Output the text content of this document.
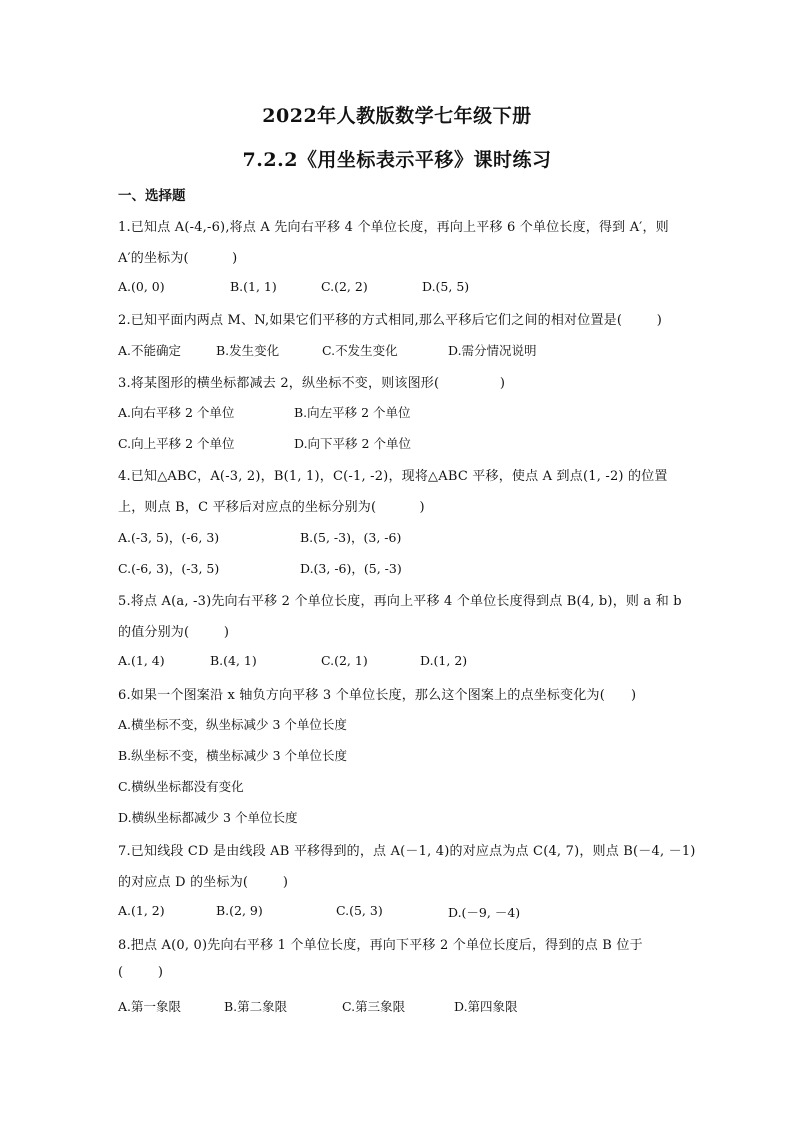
2022年人教版数学七年级下册
7.2.2《用坐标表示平移》课时练习
一、选择题
1.已知点 A(-4,-6),将点 A 先向右平移 4 个单位长度，再向上平移 6 个单位长度，得到 A′，则
A′的坐标为(          )
A.(0, 0)	B.(1, 1)	C.(2, 2)	D.(5, 5)
2.已知平面内两点 M、N,如果它们平移的方式相同,那么平移后它们之间的相对位置是(        )
A.不能确定	B.发生变化	C.不发生变化	D.需分情况说明
3.将某图形的横坐标都减去 2，纵坐标不变，则该图形(              )
A.向右平移 2 个单位	B.向左平移 2 个单位
C.向上平移 2 个单位	D.向下平移 2 个单位
4.已知△ABC，A(-3, 2)，B(1, 1)，C(-1, -2)，现将△ABC 平移，使点 A 到点(1, -2) 的位置
上，则点 B，C 平移后对应点的坐标分别为(          )
A.(-3, 5)，(-6, 3)	B.(5, -3)，(3, -6)
C.(-6, 3)，(-3, 5)	D.(3, -6)，(5, -3)
5.将点 A(a, -3)先向右平移 2 个单位长度，再向上平移 4 个单位长度得到点 B(4, b)，则 a 和 b
的值分别为(        )
A.(1, 4)	B.(4, 1)	C.(2, 1)	D.(1, 2)
6.如果一个图案沿 x 轴负方向平移 3 个单位长度，那么这个图案上的点坐标变化为(      )
A.横坐标不变，纵坐标减少 3 个单位长度
B.纵坐标不变，横坐标减少 3 个单位长度
C.横纵坐标都没有变化
D.横纵坐标都减少 3 个单位长度
7.已知线段 CD 是由线段 AB 平移得到的，点 A(－1, 4)的对应点为点 C(4, 7)，则点 B(－4, －1)
的对应点 D 的坐标为(        )
A.(1, 2)	B.(2, 9)	C.(5, 3)	D.(－9, －4)
8.把点 A(0, 0)先向右平移 1 个单位长度，再向下平移 2 个单位长度后，得到的点 B 位于
(        )
A.第一象限	B.第二象限	C.第三象限	D.第四象限
